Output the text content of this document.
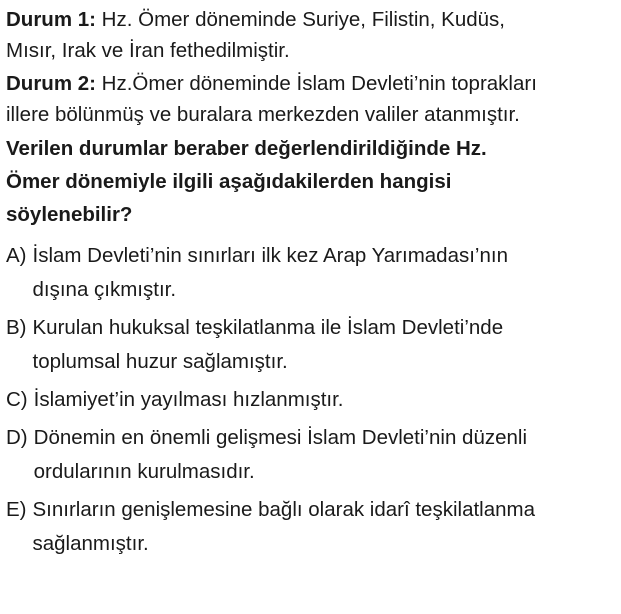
Durum 1: Hz. Ömer döneminde Suriye, Filistin, Kudüs,
Mısır, Irak ve İran fethedilmiştir.

Durum 2: Hz.Ömer döneminde İslam Devleti’nin toprakları
illere bölünmüş ve buralara merkezden valiler atanmıştır.

Verilen durumlar beraber değerlendirildiğinde Hz.
Ömer dönemiyle ilgili aşağıdakilerden hangisi
söylenebilir?
A) İslam Devleti’nin sınırları ilk kez Arap Yarımadası’nın
dışına çıkmıştır.
B) Kurulan hukuksal teşkilatlanma ile İslam Devleti’nde
toplumsal huzur sağlamıştır.
C) İslamiyet’in yayılması hızlanmıştır.
D) Dönemin en önemli gelişmesi İslam Devleti’nin düzenli
ordularının kurulmasıdır.
E) Sınırların genişlemesine bağlı olarak idarî teşkilatlanma
sağlanmıştır.
